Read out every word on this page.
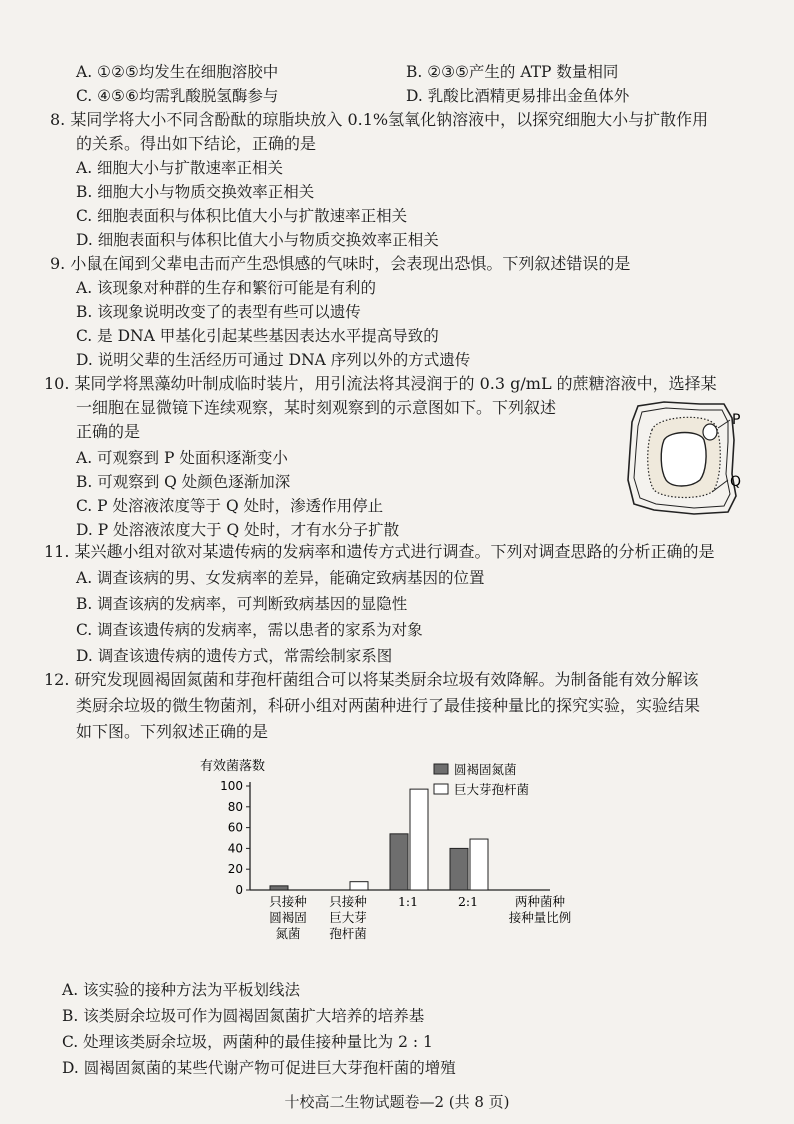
A. ①②⑤均发生在细胞溶胶中	B. ②③⑤产生的 ATP 数量相同
C. ④⑤⑥均需乳酸脱氢酶参与	D. 乳酸比酒精更易排出金鱼体外
8. 某同学将大小不同含酚酞的琼脂块放入 0.1%氢氧化钠溶液中，以探究细胞大小与扩散作用
的关系。得出如下结论，正确的是
A. 细胞大小与扩散速率正相关
B. 细胞大小与物质交换效率正相关
C. 细胞表面积与体积比值大小与扩散速率正相关
D. 细胞表面积与体积比值大小与物质交换效率正相关
9. 小鼠在闻到父辈电击而产生恐惧感的气味时，会表现出恐惧。下列叙述错误的是
A. 该现象对种群的生存和繁衍可能是有利的
B. 该现象说明改变了的表型有些可以遗传
C. 是 DNA 甲基化引起某些基因表达水平提高导致的
D. 说明父辈的生活经历可通过 DNA 序列以外的方式遗传
10. 某同学将黑藻幼叶制成临时装片，用引流法将其浸润于的 0.3 g/mL 的蔗糖溶液中，选择某
一细胞在显微镜下连续观察，某时刻观察到的示意图如下。下列叙述
正确的是
A. 可观察到 P 处面积逐渐变小
B. 可观察到 Q 处颜色逐渐加深
C. P 处溶液浓度等于 Q 处时，渗透作用停止
D. P 处溶液浓度大于 Q 处时，才有水分子扩散
P
Q
11. 某兴趣小组对欲对某遗传病的发病率和遗传方式进行调查。下列对调查思路的分析正确的是
A. 调查该病的男、女发病率的差异，能确定致病基因的位置
B. 调查该病的发病率，可判断致病基因的显隐性
C. 调查该遗传病的发病率，需以患者的家系为对象
D. 调查该遗传病的遗传方式，常需绘制家系图
12. 研究发现圆褐固氮菌和芽孢杆菌组合可以将某类厨余垃圾有效降解。为制备能有效分解该
类厨余垃圾的微生物菌剂，科研小组对两菌种进行了最佳接种量比的探究实验，实验结果
如下图。下列叙述正确的是
有效菌落数
0
20
40
60
80
100
只接种
圆褐固
氮菌
只接种
巨大芽
孢杆菌
1:1	2:1	两种菌种
接种量比例
圆褐固氮菌
巨大芽孢杆菌
A. 该实验的接种方法为平板划线法
B. 该类厨余垃圾可作为圆褐固氮菌扩大培养的培养基
C. 处理该类厨余垃圾，两菌种的最佳接种量比为 2 : 1
D. 圆褐固氮菌的某些代谢产物可促进巨大芽孢杆菌的增殖
十校高二生物试题卷—2 (共 8 页)
